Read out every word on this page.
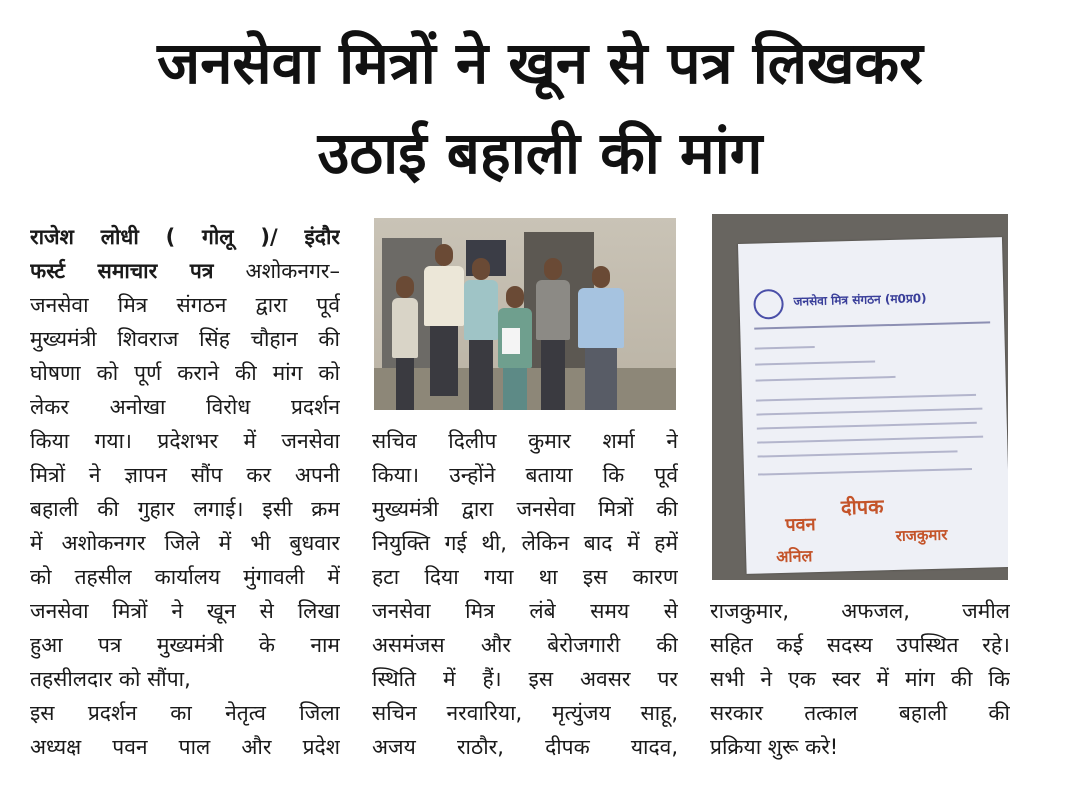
जनसेवा मित्रों ने खून से पत्र लिखकर
उठाई बहाली की मांग

राजेश लोधी ( गोलू )/ इंदौर

फर्स्ट समाचार पत्र अशोकनगर–

जनसेवा मित्र संगठन द्वारा पूर्व

मुख्यमंत्री शिवराज सिंह चौहान की

घोषणा को पूर्ण कराने की मांग को

लेकर अनोखा विरोध प्रदर्शन

किया गया। प्रदेशभर में जनसेवा

मित्रों ने ज्ञापन सौंप कर अपनी

बहाली की गुहार लगाई। इसी क्रम

में अशोकनगर जिले में भी बुधवार

को तहसील कार्यालय मुंगावली में

जनसेवा मित्रों ने खून से लिखा

हुआ पत्र मुख्यमंत्री के नाम

तहसीलदार को सौंपा,

इस प्रदर्शन का नेतृत्व जिला

अध्यक्ष पवन पाल और प्रदेश

सचिव दिलीप कुमार शर्मा ने

किया। उन्होंने बताया कि पूर्व

मुख्यमंत्री द्वारा जनसेवा मित्रों की

नियुक्ति गई थी, लेकिन बाद में हमें

हटा दिया गया था इस कारण

जनसेवा मित्र लंबे समय से

असमंजस और बेरोजगारी की

स्थिति में हैं। इस अवसर पर

सचिन नरवारिया, मृत्युंजय साहू,

अजय राठौर, दीपक यादव,

जनसेवा मित्र संगठन (म0प्र0)
दीपक
पवन	राजकुमार
अनिल

राजकुमार, अफजल, जमील

सहित कई सदस्य उपस्थित रहे।

सभी ने एक स्वर में मांग की कि

सरकार तत्काल बहाली की

प्रक्रिया शुरू करे!
